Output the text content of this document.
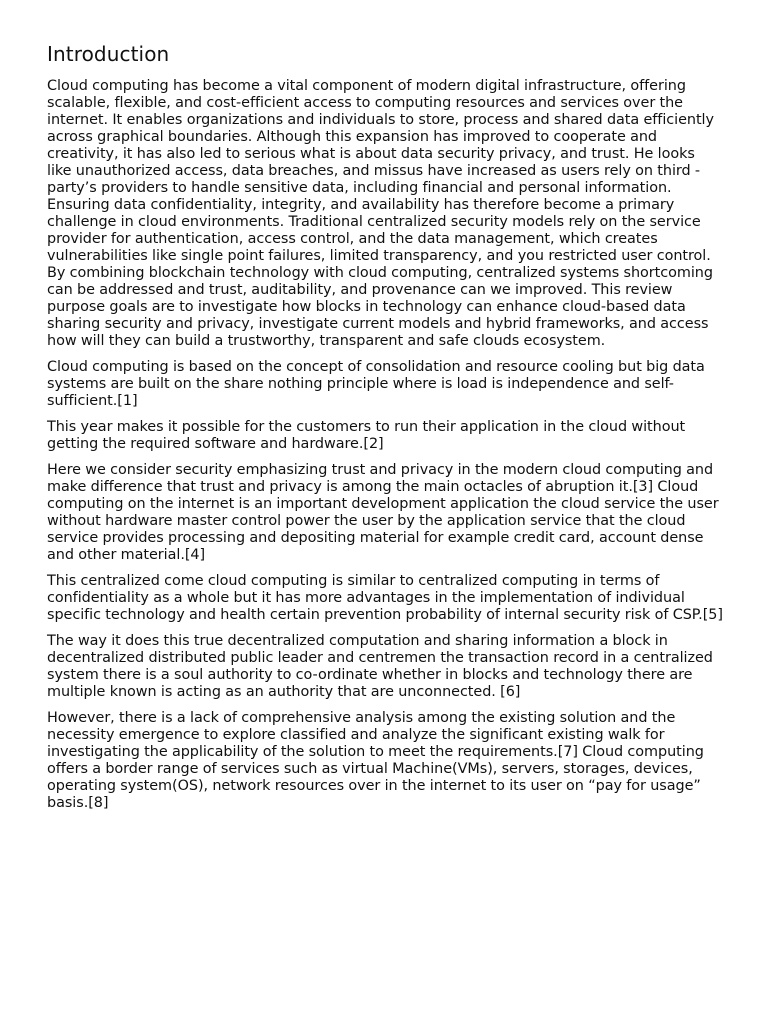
Introduction

Cloud computing has become a vital component of modern digital infrastructure, offering scalable, flexible, and cost-efficient access to computing resources and services over the internet. It enables organizations and individuals to store, process and shared data efficiently across graphical boundaries. Although this expansion has improved to cooperate and creativity, it has also led to serious what is about data security privacy, and trust. He looks like unauthorized access, data breaches, and missus have increased as users rely on third - party’s providers to handle sensitive data, including financial and personal information. Ensuring data confidentiality, integrity, and availability has therefore become a primary challenge in cloud environments. Traditional centralized security models rely on the service provider for authentication, access control, and the data management, which creates vulnerabilities like single point failures, limited transparency, and you restricted user control. By combining blockchain technology with cloud computing, centralized systems shortcoming can be addressed and trust, auditability, and provenance can we improved. This review purpose goals are to investigate how blocks in technology can enhance cloud-based data sharing security and privacy, investigate current models and hybrid frameworks, and access how will they can build a trustworthy, transparent and safe clouds ecosystem.

Cloud computing is based on the concept of consolidation and resource cooling but big data systems are built on the share nothing principle where is load is independence and self-sufficient.[1]

This year makes it possible for the customers to run their application in the cloud without getting the required software and hardware.[2]

Here we consider security emphasizing trust and privacy in the modern cloud computing and make difference that trust and privacy is among the main octacles of abruption it.[3] Cloud computing on the internet is an important development application the cloud service the user without hardware master control power the user by the application service that the cloud service provides processing and depositing material for example credit card, account dense and other material.[4]

This centralized come cloud computing is similar to centralized computing in terms of confidentiality as a whole but it has more advantages in the implementation of individual specific technology and health certain prevention probability of internal security risk of CSP.[5]

The way it does this true decentralized computation and sharing information a block in decentralized distributed public leader and centremen the transaction record in a centralized system there is a soul authority to co-ordinate whether in blocks and technology there are multiple known is acting as an authority that are unconnected. [6]

However, there is a lack of comprehensive analysis among the existing solution and the necessity emergence to explore classified and analyze the significant existing walk for investigating the applicability of the solution to meet the requirements.[7] Cloud computing offers a border range of services such as virtual Machine(VMs), servers, storages, devices, operating system(OS), network resources over in the internet to its user on “pay for usage” basis.[8]
